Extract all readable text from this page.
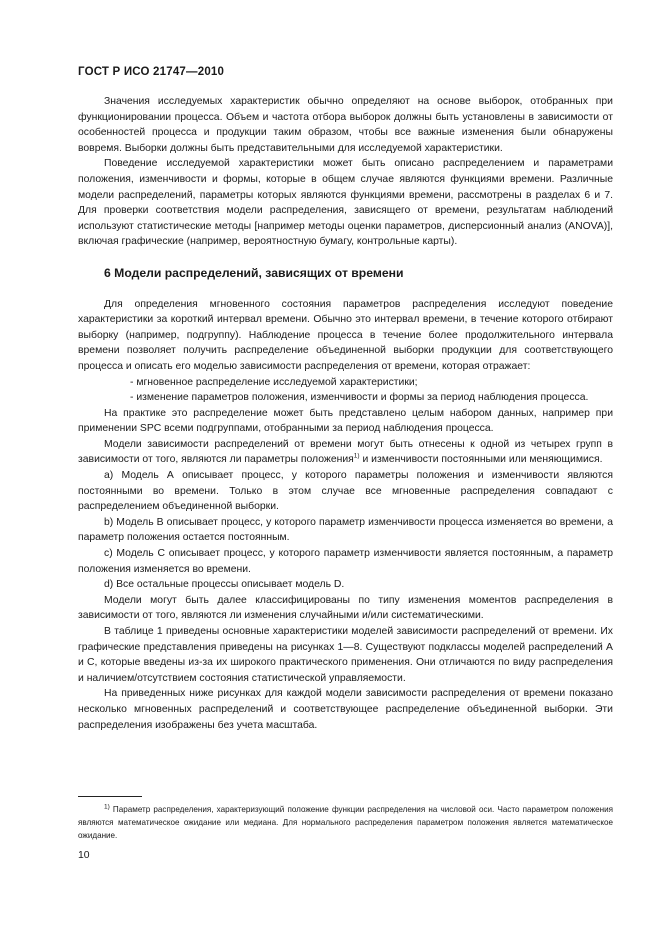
ГОСТ Р ИСО 21747—2010

Значения исследуемых характеристик обычно определяют на основе выборок, отобранных при функционировании процесса. Объем и частота отбора выборок должны быть установлены в зависимости от особенностей процесса и продукции таким образом, чтобы все важные изменения были обнаружены вовремя. Выборки должны быть представительными для исследуемой характеристики.

Поведение исследуемой характеристики может быть описано распределением и параметрами положения, изменчивости и формы, которые в общем случае являются функциями времени. Различные модели распределений, параметры которых являются функциями времени, рассмотрены в разделах 6 и 7. Для проверки соответствия модели распределения, зависящего от времени, результатам наблюдений используют статистические методы [например методы оценки параметров, дисперсионный анализ (ANOVA)], включая графические (например, вероятностную бумагу, контрольные карты).

6 Модели распределений, зависящих от времени

Для определения мгновенного состояния параметров распределения исследуют поведение характеристики за короткий интервал времени. Обычно это интервал времени, в течение которого отбирают выборку (например, подгруппу). Наблюдение процесса в течение более продолжительного интервала времени позволяет получить распределение объединенной выборки продукции для соответствующего процесса и описать его моделью зависимости распределения от времени, которая отражает:

- мгновенное распределение исследуемой характеристики;

- изменение параметров положения, изменчивости и формы за период наблюдения процесса.

На практике это распределение может быть представлено целым набором данных, например при применении SPC всеми подгруппами, отобранными за период наблюдения процесса.

Модели зависимости распределений от времени могут быть отнесены к одной из четырех групп в зависимости от того, являются ли параметры положения$^{1)}$ и изменчивости постоянными или меняющимися.

а) Модель А описывает процесс, у которого параметры положения и изменчивости являются постоянными во времени. Только в этом случае все мгновенные распределения совпадают с распределением объединенной выборки.

b) Модель В описывает процесс, у которого параметр изменчивости процесса изменяется во времени, а параметр положения остается постоянным.

с) Модель С описывает процесс, у которого параметр изменчивости является постоянным, а параметр положения изменяется во времени.

d) Все остальные процессы описывает модель D.

Модели могут быть далее классифицированы по типу изменения моментов распределения в зависимости от того, являются ли изменения случайными и/или систематическими.

В таблице 1 приведены основные характеристики моделей зависимости распределений от времени. Их графические представления приведены на рисунках 1—8. Существуют подклассы моделей распределений А и С, которые введены из-за их широкого практического применения. Они отличаются по виду распределения и наличием/отсутствием состояния статистической управляемости.

На приведенных ниже рисунках для каждой модели зависимости распределения от времени показано несколько мгновенных распределений и соответствующее распределение объединенной выборки. Эти распределения изображены без учета масштаба.

$^{1)}$ Параметр распределения, характеризующий положение функции распределения на числовой оси. Часто параметром положения являются математическое ожидание или медиана. Для нормального распределения параметром положения является математическое ожидание.

10
